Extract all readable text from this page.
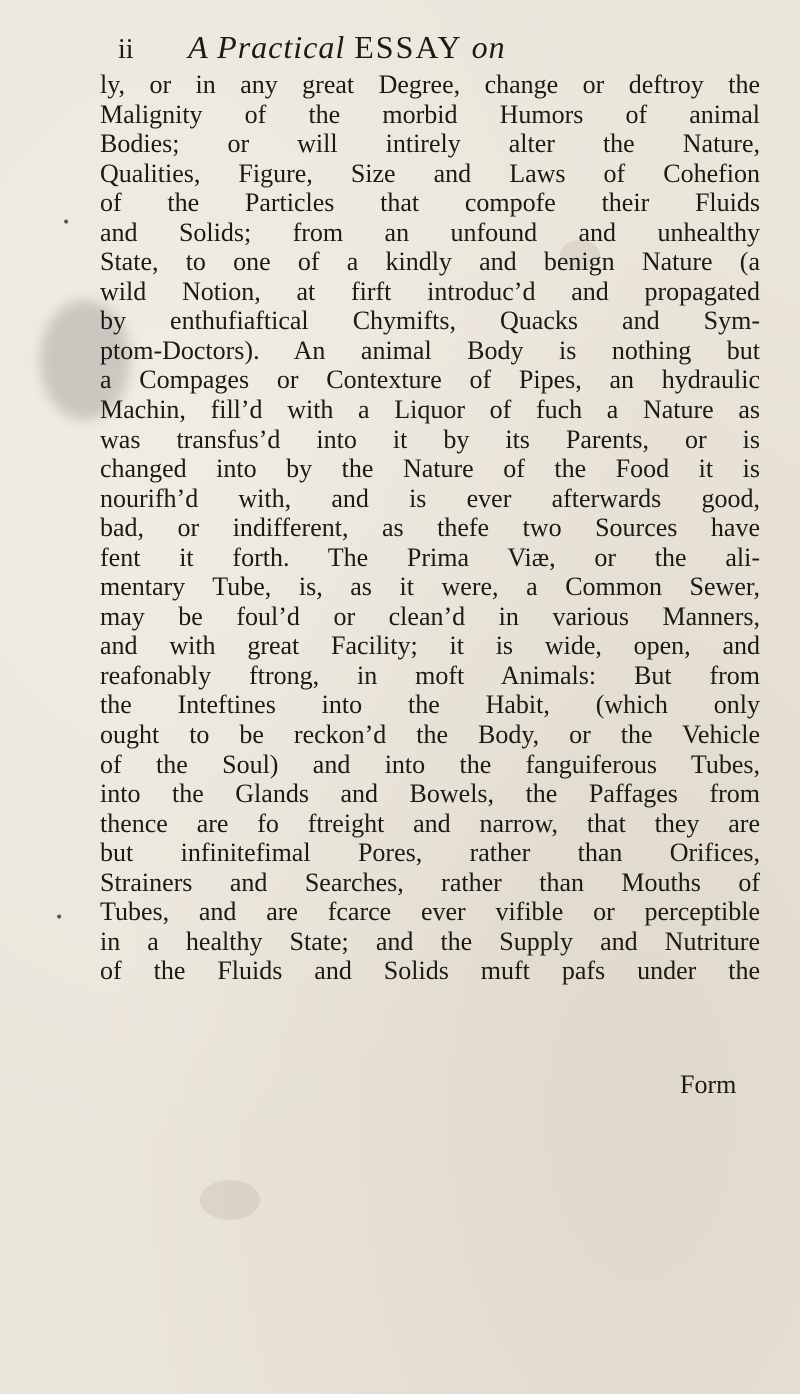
•
•
ii A Practical ESSAY on
ly, or in any great Degree, change or deftroy the
Malignity of the morbid Humors of animal
Bodies; or will intirely alter the Nature,
Qualities, Figure, Size and Laws of Cohefion
of the Particles that compofe their Fluids
and Solids; from an unfound and unhealthy
State, to one of a kindly and benign Nature (a
wild Notion, at firft introduc’d and propagated
by enthufiaftical Chymifts, Quacks and Sym-
ptom-Doctors). An animal Body is nothing but
a Compages or Contexture of Pipes, an hydraulic
Machin, fill’d with a Liquor of fuch a Nature as
was transfus’d into it by its Parents, or is
changed into by the Nature of the Food it is
nourifh’d with, and is ever afterwards good,
bad, or indifferent, as thefe two Sources have
fent it forth. The Prima Viæ, or the ali-
mentary Tube, is, as it were, a Common Sewer,
may be foul’d or clean’d in various Manners,
and with great Facility; it is wide, open, and
reafonably ftrong, in moft Animals: But from
the Inteftines into the Habit, (which only
ought to be reckon’d the Body, or the Vehicle
of the Soul) and into the fanguiferous Tubes,
into the Glands and Bowels, the Paffages from
thence are fo ftreight and narrow, that they are
but infinitefimal Pores, rather than Orifices,
Strainers and Searches, rather than Mouths of
Tubes, and are fcarce ever vifible or perceptible
in a healthy State; and the Supply and Nutriture
of the Fluids and Solids muft pafs under the
Form
